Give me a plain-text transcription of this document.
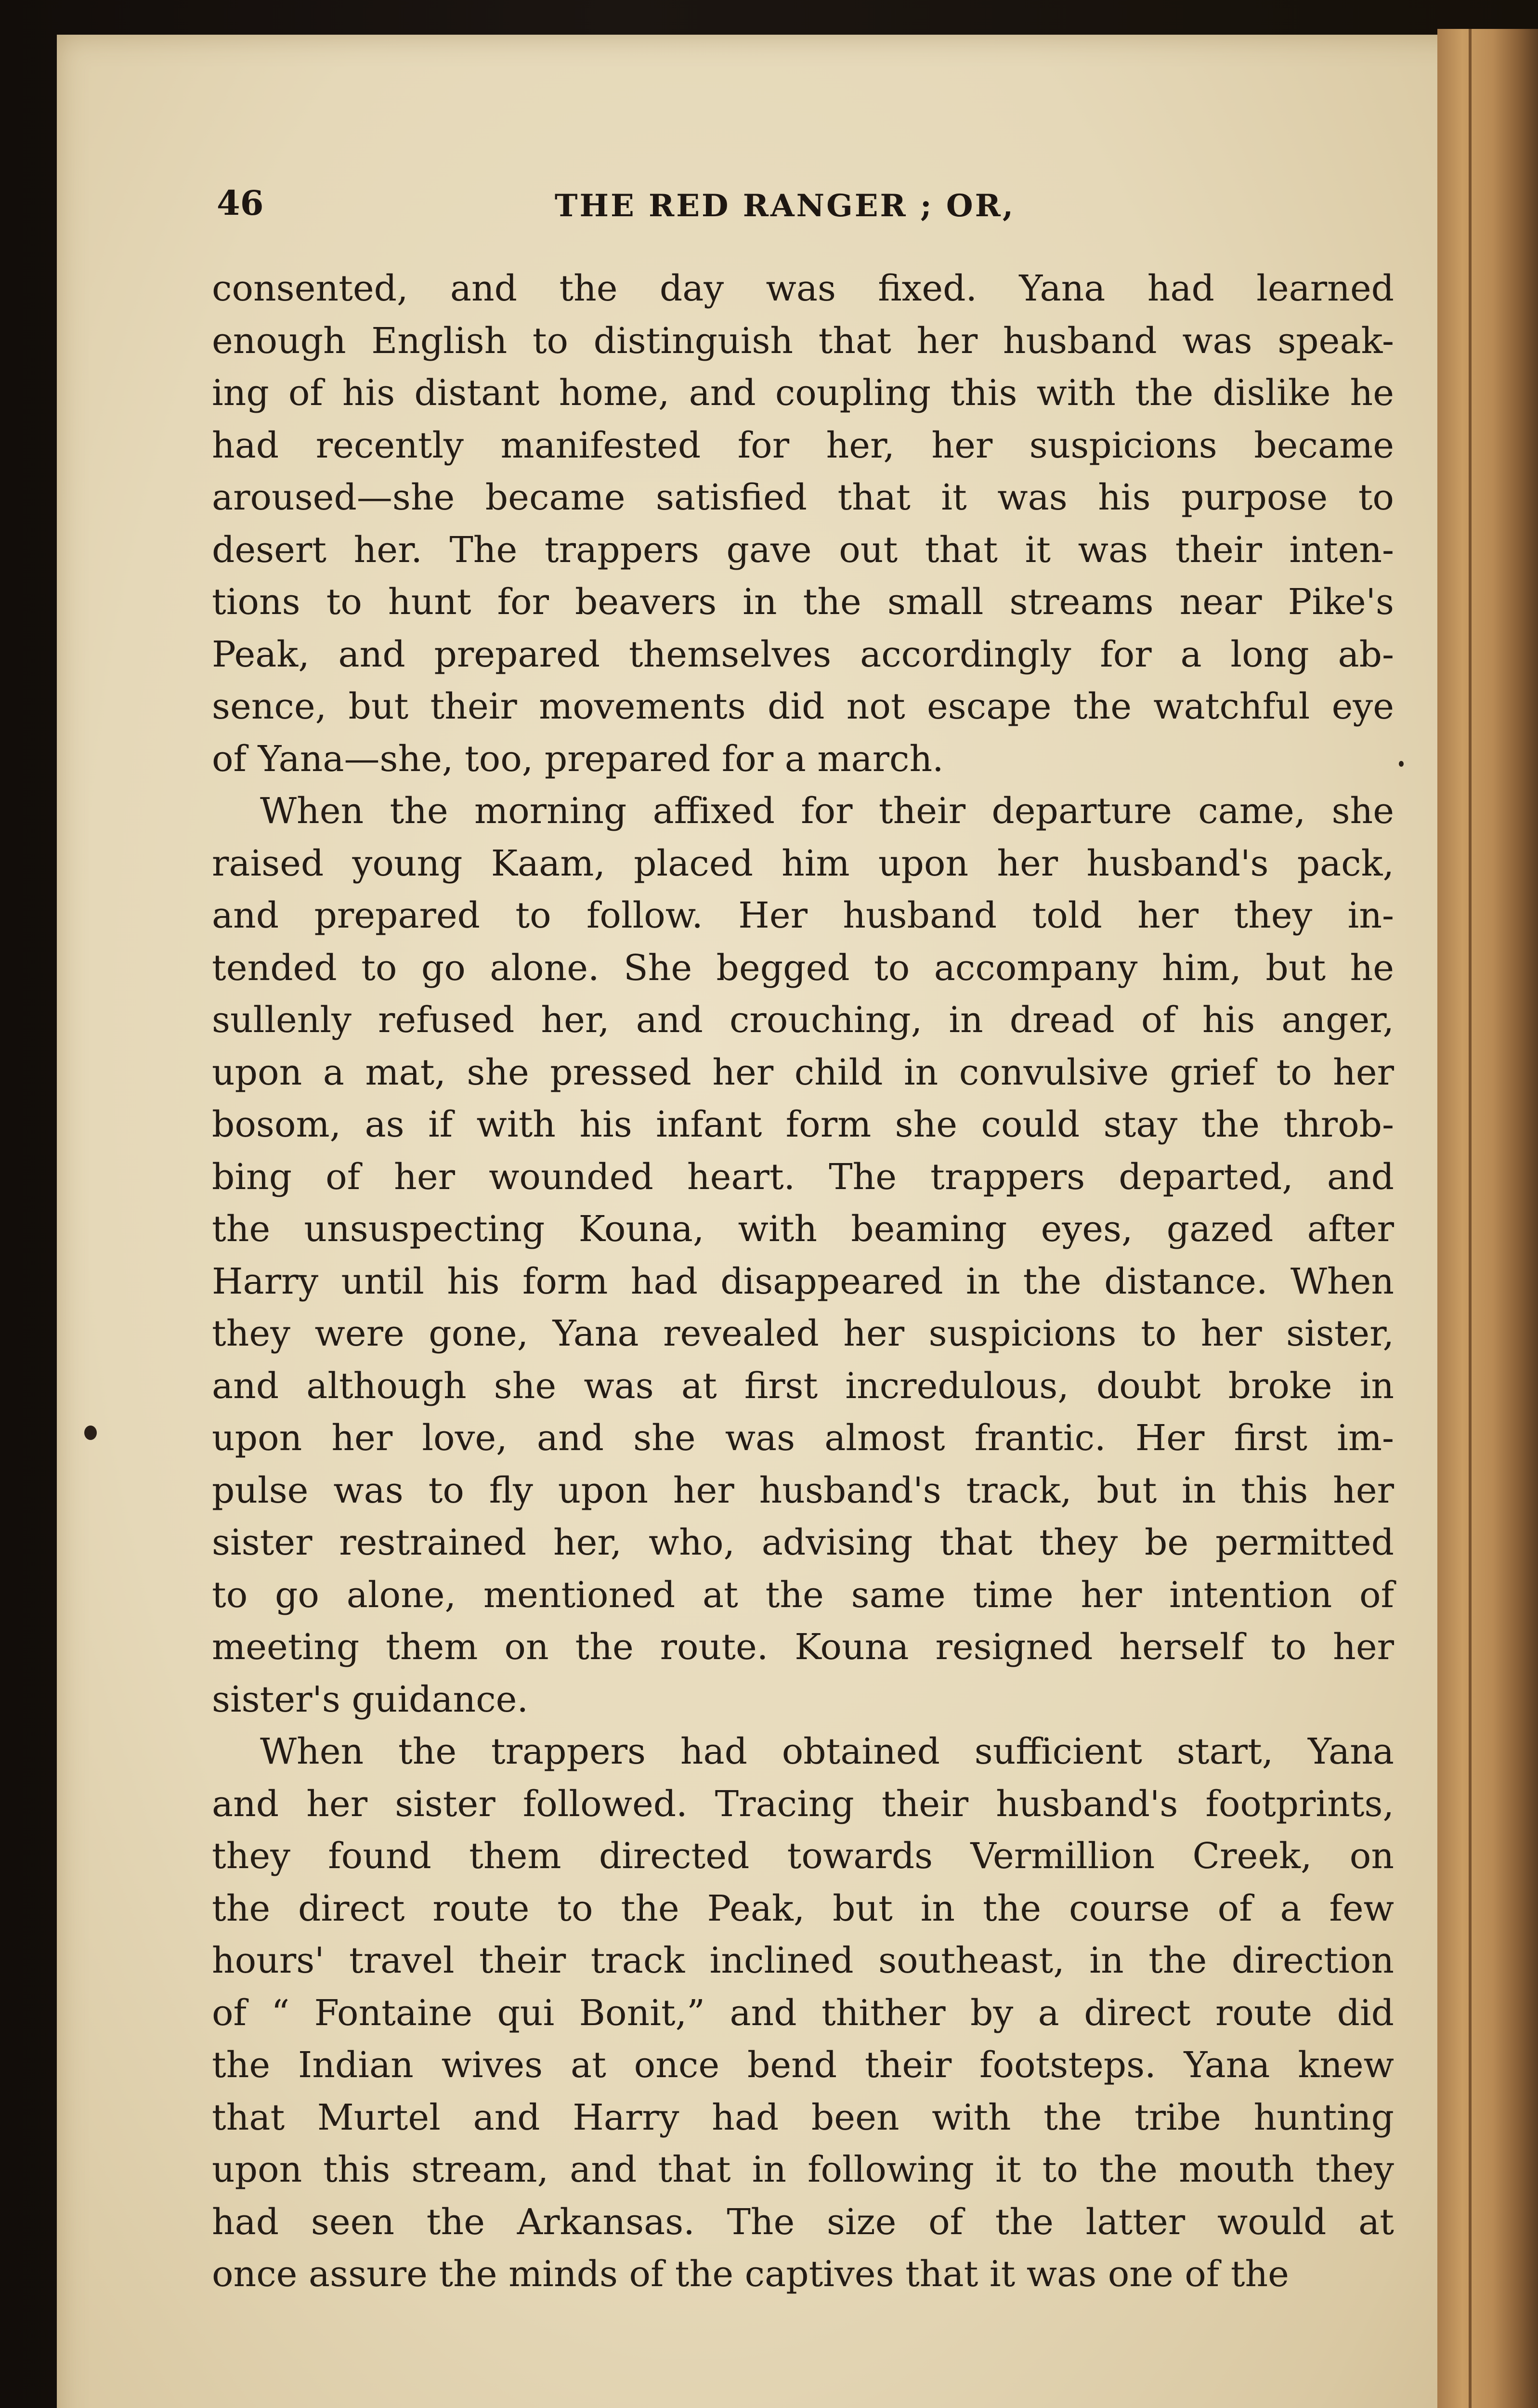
46	THE RED RANGER ; OR,
consented, and the day was fixed. Yana had learned
enough English to distinguish that her husband was speak-
ing of his distant home, and coupling this with the dislike he
had recently manifested for her, her suspicions became
aroused—she became satisfied that it was his purpose to
desert her. The trappers gave out that it was their inten-
tions to hunt for beavers in the small streams near Pike's
Peak, and prepared themselves accordingly for a long ab-
sence, but their movements did not escape the watchful eye
of Yana—she, too, prepared for a march.
When the morning affixed for their departure came, she
raised young Kaam, placed him upon her husband's pack,
and prepared to follow. Her husband told her they in-
tended to go alone. She begged to accompany him, but he
sullenly refused her, and crouching, in dread of his anger,
upon a mat, she pressed her child in convulsive grief to her
bosom, as if with his infant form she could stay the throb-
bing of her wounded heart. The trappers departed, and
the unsuspecting Kouna, with beaming eyes, gazed after
Harry until his form had disappeared in the distance. When
they were gone, Yana revealed her suspicions to her sister,
and although she was at first incredulous, doubt broke in
upon her love, and she was almost frantic. Her first im-
pulse was to fly upon her husband's track, but in this her
sister restrained her, who, advising that they be permitted
to go alone, mentioned at the same time her intention of
meeting them on the route. Kouna resigned herself to her
sister's guidance.
When the trappers had obtained sufficient start, Yana
and her sister followed. Tracing their husband's footprints,
they found them directed towards Vermillion Creek, on
the direct route to the Peak, but in the course of a few
hours' travel their track inclined southeast, in the direction
of “ Fontaine qui Bonit,” and thither by a direct route did
the Indian wives at once bend their footsteps. Yana knew
that Murtel and Harry had been with the tribe hunting
upon this stream, and that in following it to the mouth they
had seen the Arkansas. The size of the latter would at
once assure the minds of the captives that it was one of the
